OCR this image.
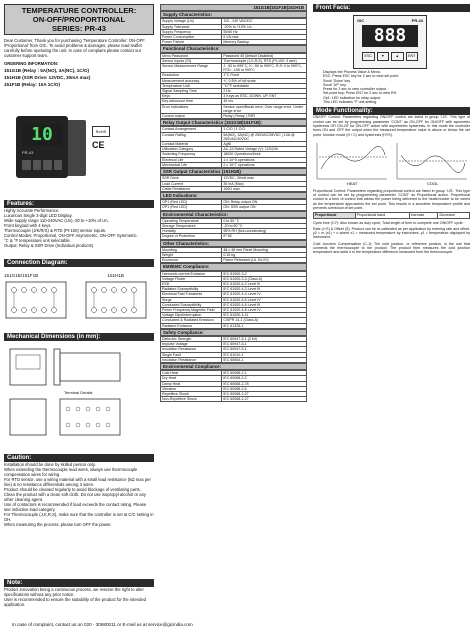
TEMPERATURE CONTROLLER:
ON-OFF/PROPORTIONAL
SERIES: PR-43
Dear Customer, Thank you for purchasing 'Temperature Controller: ON-OFF /Proportional' from GIC. To avoid problems & damages, please read leaflet carefully before operating the unit. In case of complaint please contact our customer support team.
ORDERING INFORMATION:
151G1B (Relay : 5A(NO), 3A(NC), 1C/O)
151H1B (SSR Drive: 12VDC, 30mA max)
151F1B (Relay: 10A 1C/O)
10
PR-43
RoHS
CE
Features:
Highly Accurate Performance.
Luxurious Single 3-digit LED Display.
Wide supply range 110-240VAC (Un),-20 to +10% of Un.
Front keypad with 4 keys.
Thermocouple (J/K/R/S) & RTD (Pt-100) sensor inputs.
Control Modes: Proportional, ON-OFF Asymmetric, ON-OFF Symmetric.
°C & °F temperature unit selectable.
Output: Relay & SSR Drive (Individual products)
Connection Diagram:
151G1B/151F1B	151H1B
Mechanical Dimensions (in mm):
Terminal Details
Caution:
Installation should be done by skilled person only.
When extending the thermocouple lead wires, always use thermocouple compensation wires for wiring.
For RTD sensor, use a wiring material with a small lead resistance (5Ω max per line) & no resistance differentials among 3 wires.
Product should be cleaned regularly to avoid blockage of ventilating parts.
Clean the product with a clean soft cloth. Do not use isopropyl alcohol or any other cleaning agent.
Use of contactors is recommended if load exceeds the contact rating. Please see inductive load category.
For Thermocouple (J,K,R,S), make sure that the controller is set at C/C setting in OH.
When measuring the process, please turn OFF the power.
Note:
Product innovation being a continuous process, we reserve the right to alter specifications without any prior notice.
User is recommended to ensure the suitability of the product for the intended application.
151G1B|151F1B|151H1B
Supply Characteristics:
Supply Voltage (Un)	110 - 240 VAC/DC
Supply Tolerance	-20% to +10% Un
Supply Frequency	50/60 Hz
Power Consumption	6 VA max.
Power Failure	Memory Backup
Functional Characteristics:
Menu Password	Password 45 (default Disabled)
Sensor Inputs (SI)	Thermocouple (J,K,R,S), RTD (Pt-100: 3 wire)
Sensor Measurement Range	J: -50 to 999°C, K: -50 to 999°C, R,S: 0 to 999°C, RTD: -199 to 999°C
Resolution	1°C Fixed
Measurement accuracy	+/- 0.5% of full scale
Temperature Unit	°C/°F selectable
Signal Sampling Time	2 Hz
Keys	4 Keys as ESC, DOWN, UP, ENT
Key-debounce time	40 ms
Error Indications	Sensor open/Break error; Over range error; Under range error
Control output	Relay | Relay | SSR
Relay Output Characteristics (151G1B|151F1B):
Contact Arrangement	1 C/O | 1 C/O
Contact Rating	5A(NO), 3A(NC) @ 250VAC/28VDC | 10A @ 250VAC/30VDC
Contact Material	AgNi
Utilization Category	AC-15 Rated Voltage (V): 120/240
Switching Frequency	18000 Operations/Hour
Electrical Life	1 x 10^5 operations
Mechanical Life	2 x 10^7 operations
SSR Output Characteristics (151H1B)
SSR Drive	12VDC, 30mA max
Load Current	30 mA (Max)
Cable Resistance	100Ω max.
LED Indications:
OP1 (Red LED)	ON: Relay output ON
OP1 (Red LED)	ON: SSR output ON
Environmental Characteristics:
Operating Temperature	0 to 50 °C
Storage Temperature	-20 to 60 °C
Humidity	95% RH (Non-condensing)
Degree of Protection	IP 65
Other Characteristics:
Mounting	48 x 48 mm Panel Mounting
Weight	0.15 kg
Enclosure	Flame Retardant (UL 94-V0)
EMI/EMC Compliance:
Harmonic current Emission	IEC 61000-3-2
Voltage Flicker	IEC 61000-3-3 (Class A)
ESD	IEC 61000-4-2 Level III
Radiated Susceptibility	IEC 61000-4-3 Level III
Electrical Fast Transients	IEC 61000-4-4 Level IV
Surge	IEC 61000-4-5 Level IV
Conducted Susceptibility	IEC 61000-4-6 Level III
Power Frequency Magnetic Field	IEC 61000-4-8 Level IV
Voltage Dips/Interruption	IEC 61000-4-11
Conducted & Radiated Emission	CISPR 14-1 (Class A)
Radiated Emission	IEC 61326-1
Safety Compliance:
Dielectric Strength	IEC 60947-5-1 (2 kV)
Impulse Voltage	IEC 60947-5-1
Insulation Resistance	IEC 60947-5-1
Single Fault	IEC 61010-1
Insulation Resistance	IEC 60664-1
Environmental Compliance:
Cold Heat	IEC 60068-2-1
Dry Heat	IEC 60068-2-2
Damp Heat	IEC 60068-2-78
Vibration	IEC 60068-2-6
Repetitive Shock	IEC 60068-2-27
Non-Repetitive Shock	IEC 60068-2-27
Front Facia:
GIC	PR-43
888
ESC	▼	▲	ENT
Displays the Process Value & Menu.
ESC: Press ESC key for 2 sec to view set point.
Scroll 'Down' key.
Scroll 'UP' key.
Press for 2 sec to view controller output.
Set point key: Press ENT for 2 sec to view RH.
Op1: LED indication for relay output.
This LED indicates °F unit setting.
Mode Functionality:
ON/OFF Control: Parameters regarding ON/OFF control are listed in group 'I-IS'. This type of control can be set by programming parameter 'CONT' as ON-OFF for ON/OFF with symmetric hysteresis OR ON-OF for ON-OFF action with asymmetric hysteresis. In this mode the controller turns ON and OFF the output when the measured temperature value is above or below the set point, function mode (H / C) and hysteresis (HYS).
HEAT	COOL
Proportional Control: Parameters regarding proportional control are listed in group 'I-IS'. This type of control can be set by programming parameter 'CONT' as Proportional action. Proportional control is a form of control that allows the power being delivered to the heater/cooler to be varied as the temperature approaches the set point. This results in a smoother temperature profile and prevents overshoot of set point.
Proportional	Proportional band	Increase	Decrease
Cycle time (CY): Also known as duty cycle; Total length of time to complete one ON/OFF cycle.
Rate (r+S) & Offset (S): Product can be re-calibrated as per application by entering rate and offset. y2 = m (x1) + c where x1 = measured temperature by instrument, y1 = temperature displayed by instrument.
Cold Junction Compensation (C-J): The cold junction, or reference junction, is the one that connects the thermocouple to the product. The product then measures the cold junction temperature and adds it to the temperature difference measured from the thermocouple.
In case of complaint, contact us on 020 - 30680011 or E-mail us at service@gicindia.com
